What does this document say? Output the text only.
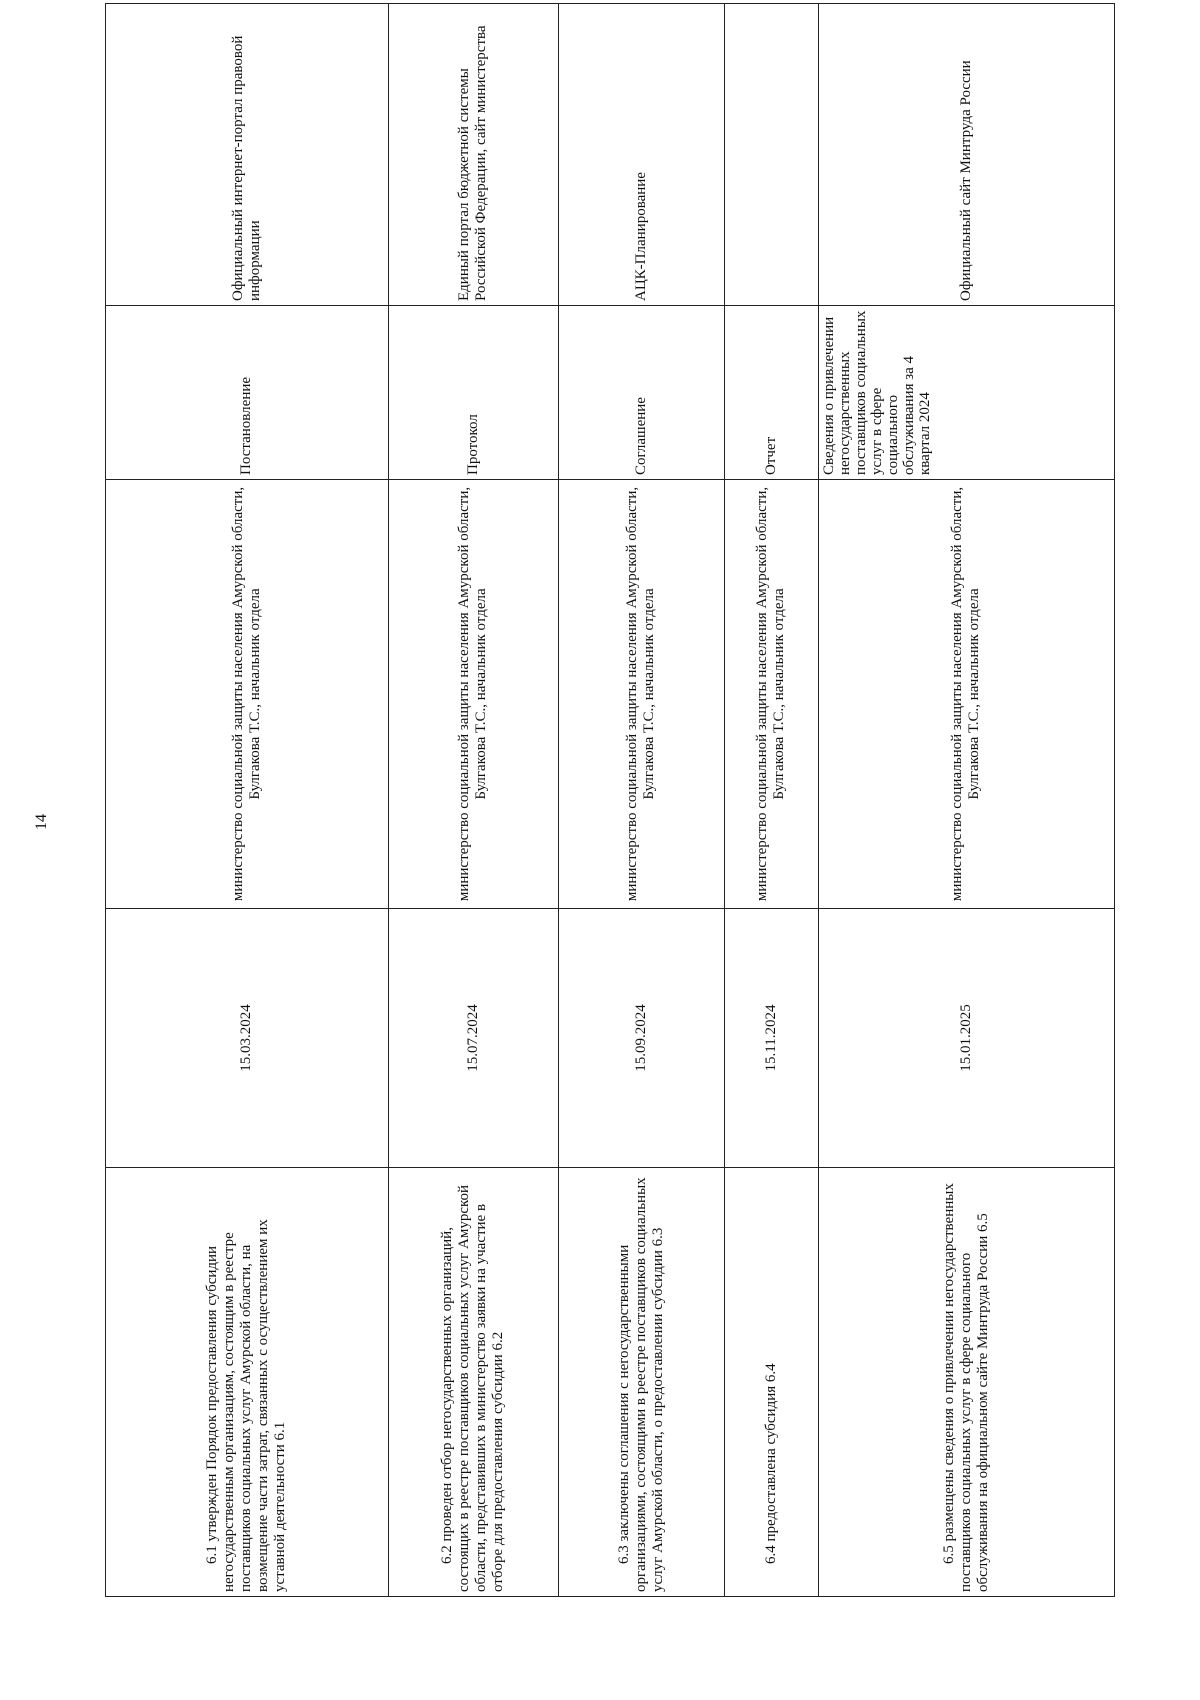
14
6.1 утвержден Порядок предоставления субсидии негосударственным организациям, состоящим в реестре поставщиков социальных услуг Амурской области, на возмещение части затрат, связанных с осуществлением их уставной деятельности 6.1	15.03.2024	министерство социальной защиты населения Амурской области, Булгакова Т.С., начальник отдела	Постановление	Официальный интернет-портал правовой информации

6.2 проведен отбор негосударственных организаций, состоящих в реестре поставщиков социальных услуг Амурской области, представивших в министерство заявки на участие в отборе для предоставления субсидии 6.2	15.07.2024	министерство социальной защиты населения Амурской области, Булгакова Т.С., начальник отдела	Протокол	Единый портал бюджетной системы Российской Федерации, сайт министерства

6.3 заключены соглашения с негосударственными организациями, состоящими в реестре поставщиков социальных услуг Амурской области, о предоставлении субсидии 6.3	15.09.2024	министерство социальной защиты населения Амурской области, Булгакова Т.С., начальник отдела	Соглашение	АЦК-Планирование

6.4 предоставлена субсидия 6.4	15.11.2024	министерство социальной защиты населения Амурской области, Булгакова Т.С., начальник отдела	Отчет	

6.5 размещены сведения о привлечении негосударственных поставщиков социальных услуг в сфере социального обслуживания на официальном сайте Минтруда России 6.5	15.01.2025	министерство социальной защиты населения Амурской области, Булгакова Т.С., начальник отдела	Сведения о привлечении негосударственных поставщиков социальных услуг в сфере социального обслуживания за 4 квартал 2024	Официальный сайт Минтруда России
